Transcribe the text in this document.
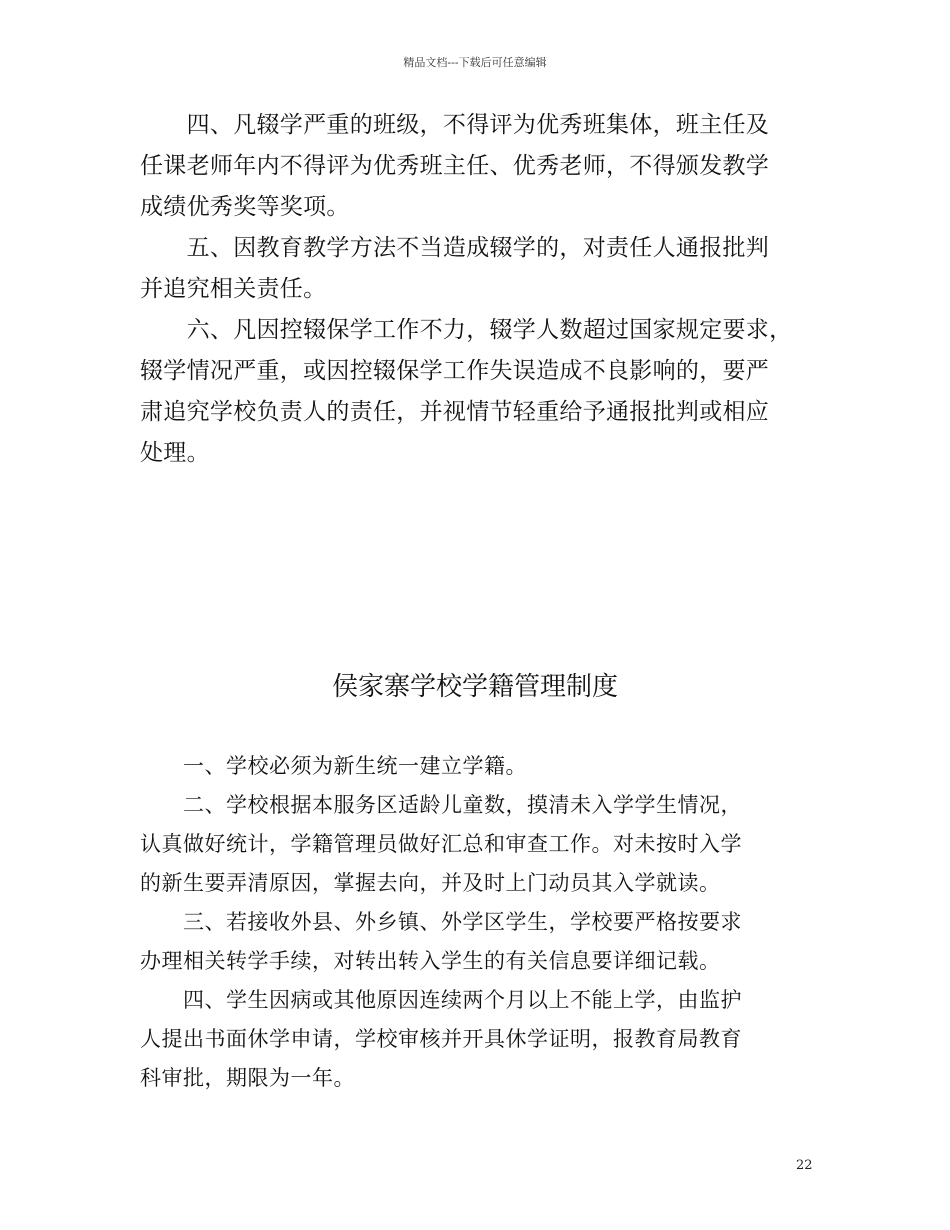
精品文档---下载后可任意编辑
　　四、凡辍学严重的班级，不得评为优秀班集体，班主任及
任课老师年内不得评为优秀班主任、优秀老师，不得颁发教学
成绩优秀奖等奖项。
　　五、因教育教学方法不当造成辍学的，对责任人通报批判
并追究相关责任。
　　六、凡因控辍保学工作不力，辍学人数超过国家规定要求，
辍学情况严重，或因控辍保学工作失误造成不良影响的，要严
肃追究学校负责人的责任，并视情节轻重给予通报批判或相应
处理。
侯家寨学校学籍管理制度
　　一、学校必须为新生统一建立学籍。
　　二、学校根据本服务区适龄儿童数，摸清未入学学生情况，
认真做好统计，学籍管理员做好汇总和审查工作。对未按时入学
的新生要弄清原因，掌握去向，并及时上门动员其入学就读。
　　三、若接收外县、外乡镇、外学区学生，学校要严格按要求
办理相关转学手续，对转出转入学生的有关信息要详细记载。
　　四、学生因病或其他原因连续两个月以上不能上学，由监护
人提出书面休学申请，学校审核并开具休学证明，报教育局教育
科审批，期限为一年。
22
